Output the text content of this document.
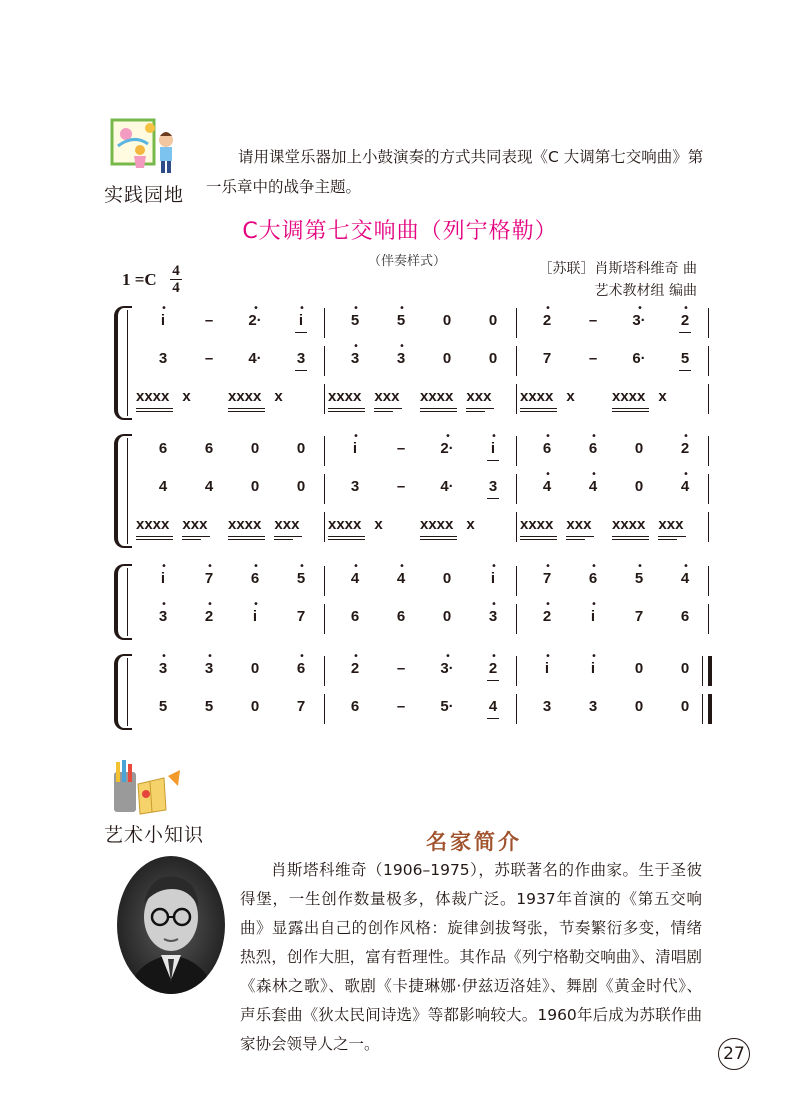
实践园地
请用课堂乐器加上小鼓演奏的方式共同表现《C 大调第七交响曲》第一乐章中的战争主题。
C大调第七交响曲（列宁格勒）
（伴奏样式）	［苏联］肖斯塔科维奇 曲
艺术教材组 编曲
1 =C 4
4
i
•
–	2·
•
i
•
5
•
5
•
0	0	2
•
–	3·
•
2
•
3	–	4·	3	3
•
3
•
0	0	7	–	6·	5
xxxx x xxxx x	xxxx xxx xxxx xxx xxxx x xxxx x
6	6	0	0	i
•
–	2·
•
i
•
6
•
6
•
0	2
•
4	4	0	0	3	–	4·	3	4
•
4
•
0	4
•
xxxx xxx xxxx xxx xxxx x xxxx x	xxxx xxx xxxx xxx
i
•
7
•
6
•
5
•
4
•
4
•
0	i
•
7
•
6
•
5
•
4
•
3
•
2
•
i
•
7	6	6	0	3
•
2
•
i
•
7	6
3
•
3
•
0	6
•
2
•
–	3·
•
2
•
i
•
i
•
0	0
5	5	0	7	6	–	5·	4	3	3	0	0
艺术小知识	名家简介
肖斯塔科维奇（1906–1975），苏联著名的作曲家。生于圣彼得堡，一生创作数量极多，体裁广泛。1937年首演的《第五交响曲》显露出自己的创作风格：旋律剑拔弩张，节奏繁衍多变，情绪热烈，创作大胆，富有哲理性。其作品《列宁格勒交响曲》、清唱剧《森林之歌》、歌剧《卡捷琳娜·伊兹迈洛娃》、舞剧《黄金时代》、声乐套曲《狄太民间诗选》等都影响较大。1960年后成为苏联作曲家协会领导人之一。	27
